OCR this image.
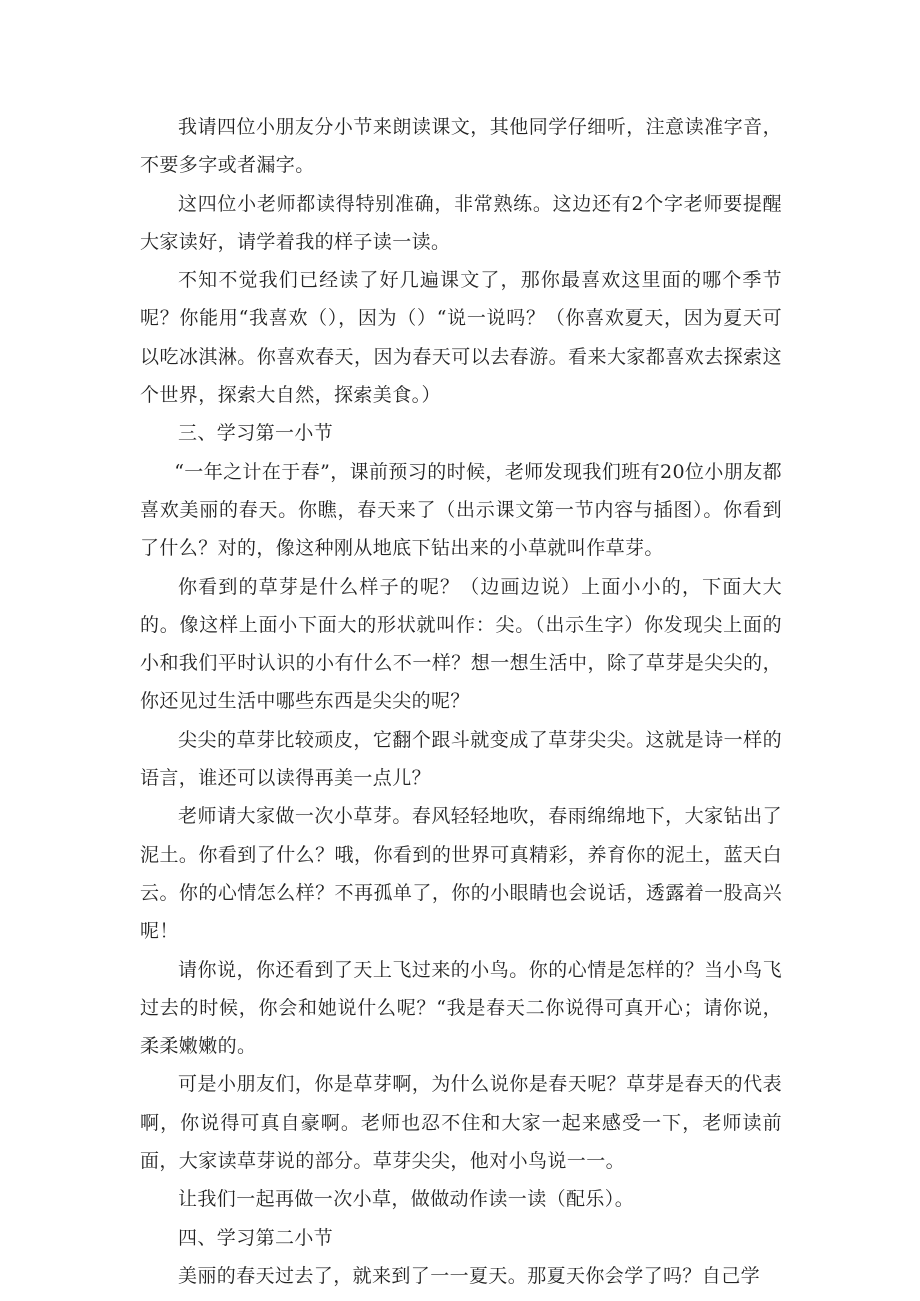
我请四位小朋友分小节来朗读课文，其他同学仔细听，注意读准字音，不要多字或者漏字。

这四位小老师都读得特别准确，非常熟练。这边还有2个字老师要提醒大家读好，请学着我的样子读一读。

不知不觉我们已经读了好几遍课文了，那你最喜欢这里面的哪个季节呢？你能用“我喜欢（），因为（）“说一说吗？（你喜欢夏天，因为夏天可以吃冰淇淋。你喜欢春天，因为春天可以去春游。看来大家都喜欢去探索这个世界，探索大自然，探索美食。）

三、学习第一小节

“一年之计在于春”，课前预习的时候，老师发现我们班有20位小朋友都喜欢美丽的春天。你瞧，春天来了（出示课文第一节内容与插图）。你看到了什么？对的，像这种刚从地底下钻出来的小草就叫作草芽。

你看到的草芽是什么样子的呢？（边画边说）上面小小的，下面大大的。像这样上面小下面大的形状就叫作：尖。（出示生字）你发现尖上面的小和我们平时认识的小有什么不一样？想一想生活中，除了草芽是尖尖的，你还见过生活中哪些东西是尖尖的呢？

尖尖的草芽比较顽皮，它翻个跟斗就变成了草芽尖尖。这就是诗一样的语言，谁还可以读得再美一点儿？

老师请大家做一次小草芽。春风轻轻地吹，春雨绵绵地下，大家钻出了泥土。你看到了什么？哦，你看到的世界可真精彩，养育你的泥土，蓝天白云。你的心情怎么样？不再孤单了，你的小眼睛也会说话，透露着一股高兴呢！

请你说，你还看到了天上飞过来的小鸟。你的心情是怎样的？当小鸟飞过去的时候，你会和她说什么呢？“我是春天二你说得可真开心；请你说，柔柔嫩嫩的。

可是小朋友们，你是草芽啊，为什么说你是春天呢？草芽是春天的代表啊，你说得可真自豪啊。老师也忍不住和大家一起来感受一下，老师读前面，大家读草芽说的部分。草芽尖尖，他对小鸟说一一。

让我们一起再做一次小草，做做动作读一读（配乐）。

四、学习第二小节

美丽的春天过去了，就来到了一一夏天。那夏天你会学了吗？自己学
